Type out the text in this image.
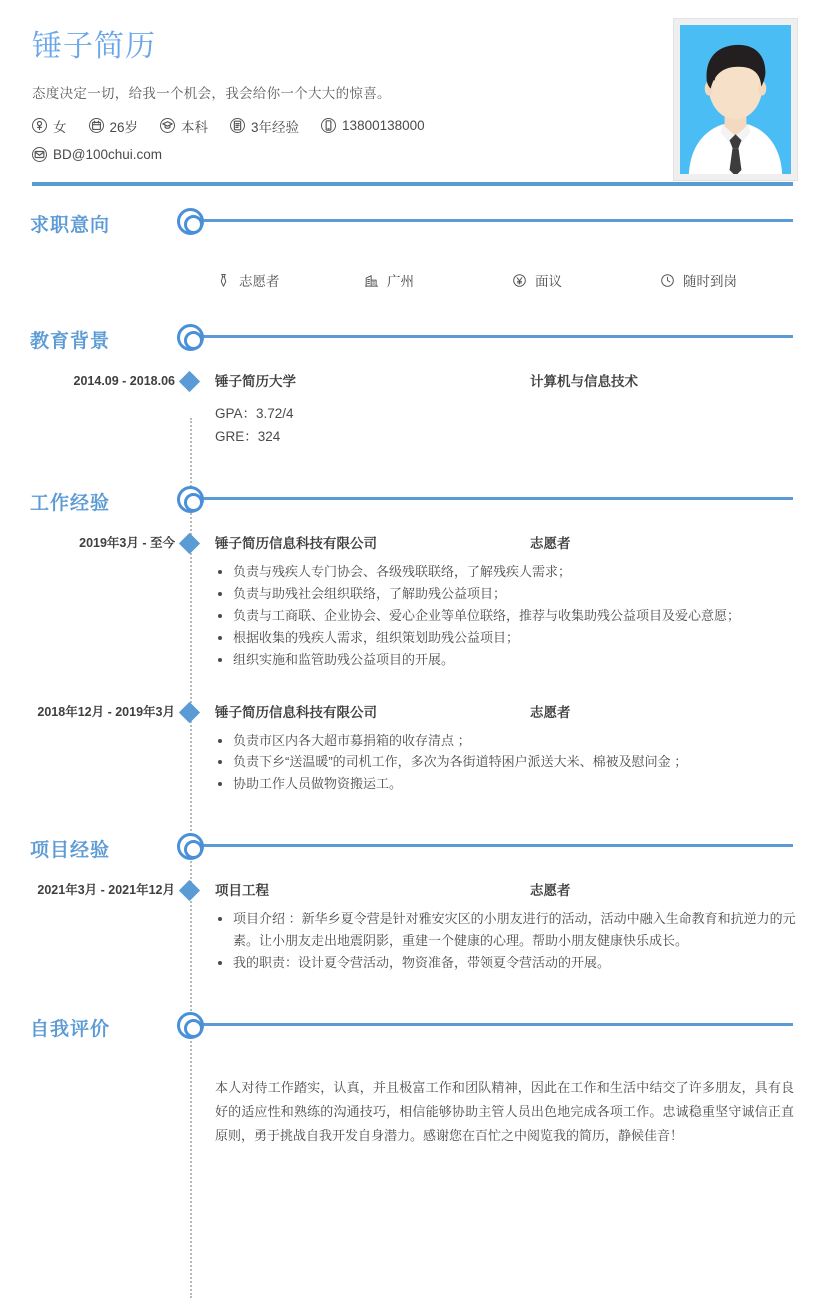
锤子简历
态度决定一切，给我一个机会，我会给你一个大大的惊喜。
女	26岁	本科	3年经验	13800138000
BD@100chui.com
求职意向
志愿者	广州	面议	随时到岗
教育背景
2014.09 - 2018.06	锤子简历大学	计算机与信息技术
GPA：3.72/4
GRE：324
工作经验
2019年3月 - 至今	锤子简历信息科技有限公司	志愿者
负责与残疾人专门协会、各级残联联络，了解残疾人需求；
负责与助残社会组织联络，了解助残公益项目；
负责与工商联、企业协会、爱心企业等单位联络，推荐与收集助残公益项目及爱心意愿；
根据收集的残疾人需求，组织策划助残公益项目；
组织实施和监管助残公益项目的开展。
2018年12月 - 2019年3月	锤子简历信息科技有限公司	志愿者
负责市区内各大超市募捐箱的收存清点 ；
负责下乡“送温暖”的司机工作，多次为各街道特困户派送大米、棉被及慰问金 ；
协助工作人员做物资搬运工。
项目经验
2021年3月 - 2021年12月	项目工程	志愿者
项目介绍 ：新华乡夏令营是针对雅安灾区的小朋友进行的活动，活动中融入生命教育和抗逆力的元素。让小朋友走出地震阴影，重建一个健康的心理。帮助小朋友健康快乐成长。
我的职责：设计夏令营活动，物资准备，带领夏令营活动的开展。
自我评价
本人对待工作踏实，认真，并且极富工作和团队精神，因此在工作和生活中结交了许多朋友，具有良好的适应性和熟练的沟通技巧，相信能够协助主管人员出色地完成各项工作。忠诚稳重坚守诚信正直原则，勇于挑战自我开发自身潜力。感谢您在百忙之中阅览我的简历，静候佳音！
